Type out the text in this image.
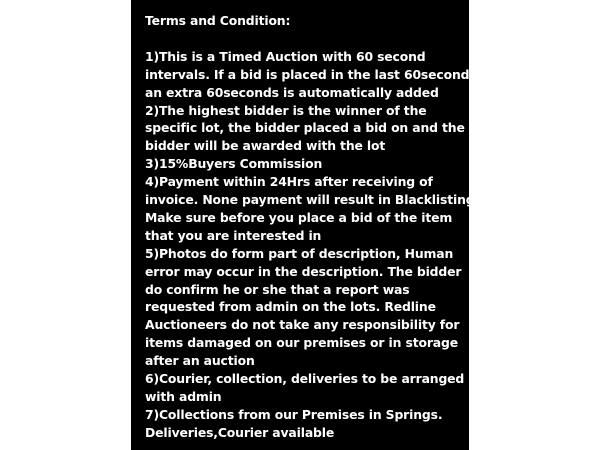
Terms and Condition:
1)This is a Timed Auction with 60 second
intervals. If a bid is placed in the last 60seconds
an extra 60seconds is automatically added
2)The highest bidder is the winner of the
specific lot, the bidder placed a bid on and the
bidder will be awarded with the lot
3)15%Buyers Commission
4)Payment within 24Hrs after receiving of
invoice. None payment will result in Blacklisting.
Make sure before you place a bid of the item
that you are interested in
5)Photos do form part of description, Human
error may occur in the description. The bidder
do confirm he or she that a report was
requested from admin on the lots. Redline
Auctioneers do not take any responsibility for
items damaged on our premises or in storage
after an auction
6)Courier, collection, deliveries to be arranged
with admin
7)Collections from our Premises in Springs.
Deliveries,Courier available
